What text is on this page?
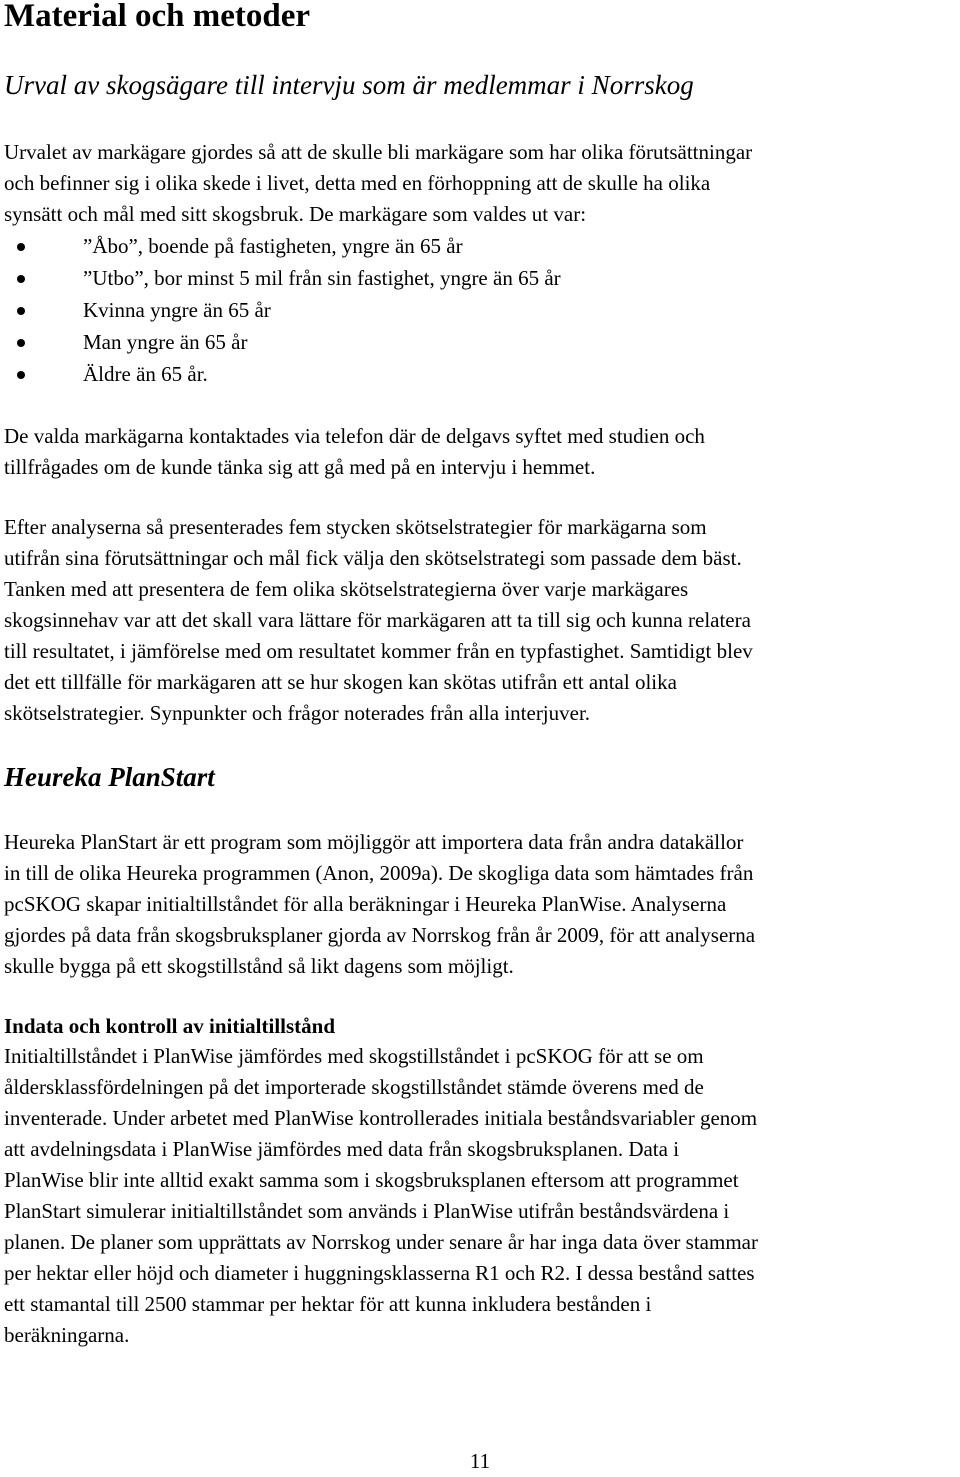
Material och metoder
Urval av skogsägare till intervju som är medlemmar i Norrskog
Urvalet av markägare gjordes så att de skulle bli markägare som har olika förutsättningar
och befinner sig i olika skede i livet, detta med en förhoppning att de skulle ha olika
synsätt och mål med sitt skogsbruk. De markägare som valdes ut var:
”Åbo”, boende på fastigheten, yngre än 65 år
”Utbo”, bor minst 5 mil från sin fastighet, yngre än 65 år
Kvinna yngre än 65 år
Man yngre än 65 år
Äldre än 65 år.
De valda markägarna kontaktades via telefon där de delgavs syftet med studien och
tillfrågades om de kunde tänka sig att gå med på en intervju i hemmet.
Efter analyserna så presenterades fem stycken skötselstrategier för markägarna som
utifrån sina förutsättningar och mål fick välja den skötselstrategi som passade dem bäst.
Tanken med att presentera de fem olika skötselstrategierna över varje markägares
skogsinnehav var att det skall vara lättare för markägaren att ta till sig och kunna relatera
till resultatet, i jämförelse med om resultatet kommer från en typfastighet. Samtidigt blev
det ett tillfälle för markägaren att se hur skogen kan skötas utifrån ett antal olika
skötselstrategier. Synpunkter och frågor noterades från alla interjuver.
Heureka PlanStart
Heureka PlanStart är ett program som möjliggör att importera data från andra datakällor
in till de olika Heureka programmen (Anon, 2009a). De skogliga data som hämtades från
pcSKOG skapar initialtillståndet för alla beräkningar i Heureka PlanWise. Analyserna
gjordes på data från skogsbruksplaner gjorda av Norrskog från år 2009, för att analyserna
skulle bygga på ett skogstillstånd så likt dagens som möjligt.
Indata och kontroll av initialtillstånd
Initialtillståndet i PlanWise jämfördes med skogstillståndet i pcSKOG för att se om
åldersklassfördelningen på det importerade skogstillståndet stämde överens med de
inventerade. Under arbetet med PlanWise kontrollerades initiala beståndsvariabler genom
att avdelningsdata i PlanWise jämfördes med data från skogsbruksplanen. Data i
PlanWise blir inte alltid exakt samma som i skogsbruksplanen eftersom att programmet
PlanStart simulerar initialtillståndet som används i PlanWise utifrån beståndsvärdena i
planen. De planer som upprättats av Norrskog under senare år har inga data över stammar
per hektar eller höjd och diameter i huggningsklasserna R1 och R2. I dessa bestånd sattes
ett stamantal till 2500 stammar per hektar för att kunna inkludera bestånden i
beräkningarna.
11
